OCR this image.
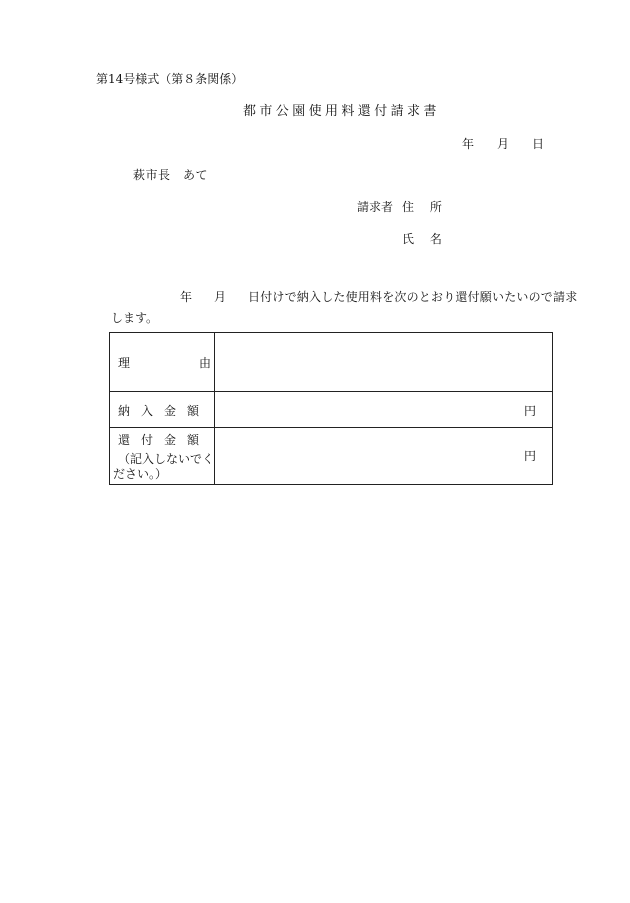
第14号様式（第８条関係）
都市公園使用料還付請求書
年 月 日
萩市長　あて
請求者 住 所
氏 名
年 月 日付けで納入した使用料を次のとおり還付願いたいので請求
します。
理	由
納入金額	円
還付金額
（記入しないでく
ださい。）
円
